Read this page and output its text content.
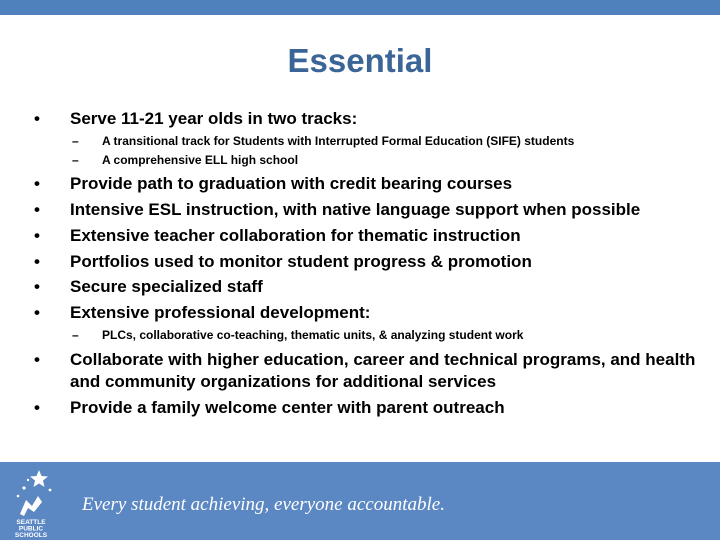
Essential
• Serve 11-21 year olds in two tracks:
– A transitional track for Students with Interrupted Formal Education (SIFE) students
– A comprehensive ELL high school
• Provide path to graduation with credit bearing courses
• Intensive ESL instruction, with native language support when possible
• Extensive teacher collaboration for thematic instruction
• Portfolios used to monitor student progress & promotion
• Secure specialized staff
• Extensive professional development:
– PLCs, collaborative co-teaching, thematic units, & analyzing student work
• Collaborate with higher education, career and technical programs, and health and community organizations for additional services
• Provide a family welcome center with parent outreach
SEATTLE
PUBLIC
SCHOOLS
Every student achieving, everyone accountable.
